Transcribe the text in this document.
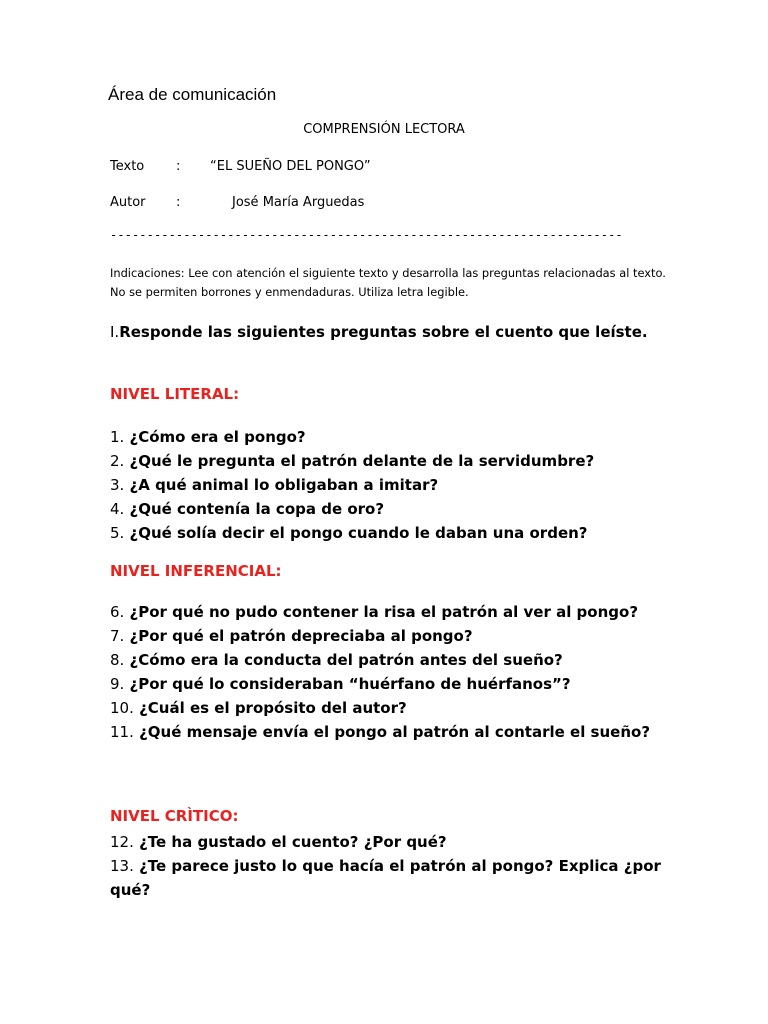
Área de comunicación
COMPRENSIÓN LECTORA
Texto : “EL SUEÑO DEL PONGO”
Autor :	José María Arguedas
----------------------------------------------------------------------
Indicaciones: Lee con atención el siguiente texto y desarrolla las preguntas relacionadas al texto. No se permiten borrones y enmendaduras. Utiliza letra legible.
I.Responde las siguientes preguntas sobre el cuento que leíste.
NIVEL LITERAL:
1. ¿Cómo era el pongo?
2. ¿Qué le pregunta el patrón delante de la servidumbre?
3. ¿A qué animal lo obligaban a imitar?
4. ¿Qué contenía la copa de oro?
5. ¿Qué solía decir el pongo cuando le daban una orden?
NIVEL INFERENCIAL:
6. ¿Por qué no pudo contener la risa el patrón al ver al pongo?
7. ¿Por qué el patrón depreciaba al pongo?
8. ¿Cómo era la conducta del patrón antes del sueño?
9. ¿Por qué lo consideraban “huérfano de huérfanos”?
10. ¿Cuál es el propósito del autor?
11. ¿Qué mensaje envía el pongo al patrón al contarle el sueño?
NIVEL CRÌTICO:
12. ¿Te ha gustado el cuento? ¿Por qué?
13. ¿Te parece justo lo que hacía el patrón al pongo? Explica ¿por qué?
